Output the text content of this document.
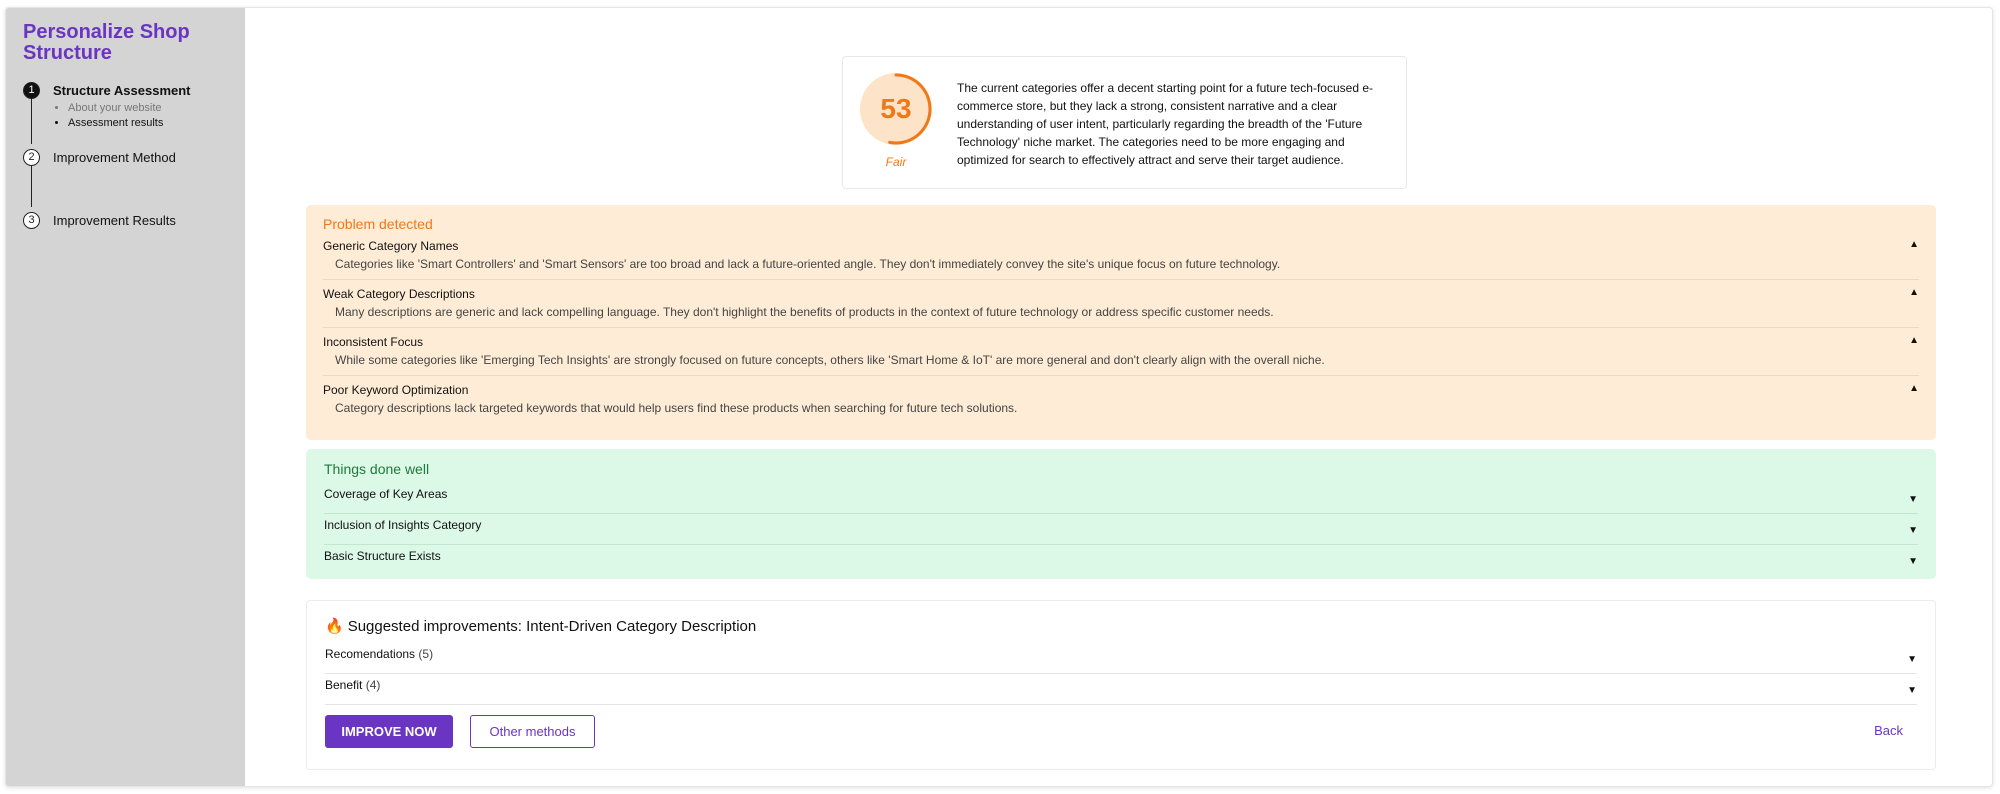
Personalize Shop Structure
1	Structure Assessment
• About your website
• Assessment results
2	Improvement Method
3	Improvement Results
53
Fair

The current categories offer a decent starting point for a future tech-focused e-commerce store, but they lack a strong, consistent narrative and a clear understanding of user intent, particularly regarding the breadth of the 'Future Technology' niche market. The categories need to be more engaging and optimized for search to effectively attract and serve their target audience.

Problem detected
Generic Category Names	▲
Categories like 'Smart Controllers' and 'Smart Sensors' are too broad and lack a future-oriented angle. They don't immediately convey the site's unique focus on future technology.
Weak Category Descriptions	▲
Many descriptions are generic and lack compelling language. They don't highlight the benefits of products in the context of future technology or address specific customer needs.
Inconsistent Focus	▲
While some categories like 'Emerging Tech Insights' are strongly focused on future concepts, others like 'Smart Home & IoT' are more general and don't clearly align with the overall niche.
Poor Keyword Optimization	▲
Category descriptions lack targeted keywords that would help users find these products when searching for future tech solutions.
Things done well
Coverage of Key Areas	▼
Inclusion of Insights Category	▼
Basic Structure Exists	▼
🔥 Suggested improvements: Intent-Driven Category Description
Recomendations (5)	▼
Benefit (4)	▼
IMPROVE NOW	Other methods	Back
